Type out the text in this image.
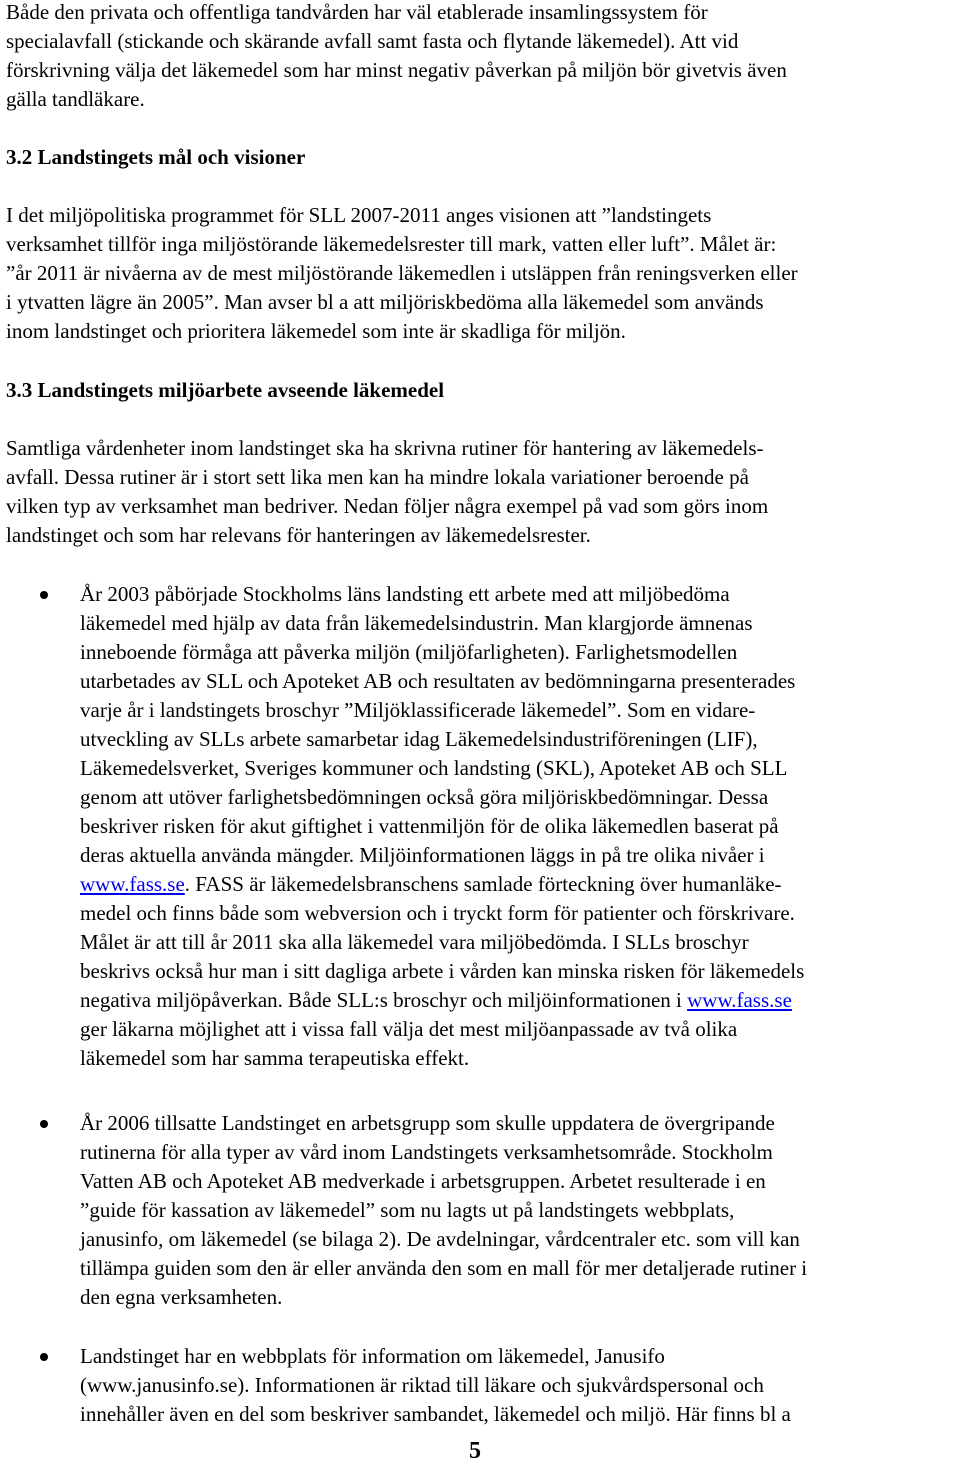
Både den privata och offentliga tandvården har väl etablerade insamlingssystem för
specialavfall (stickande och skärande avfall samt fasta och flytande läkemedel). Att vid
förskrivning välja det läkemedel som har minst negativ påverkan på miljön bör givetvis även
gälla tandläkare.
3.2 Landstingets mål och visioner
I det miljöpolitiska programmet för SLL 2007-2011 anges visionen att ”landstingets
verksamhet tillför inga miljöstörande läkemedelsrester till mark, vatten eller luft”. Målet är:
”år 2011 är nivåerna av de mest miljöstörande läkemedlen i utsläppen från reningsverken eller
i ytvatten lägre än 2005”. Man avser bl a att miljöriskbedöma alla läkemedel som används
inom landstinget och prioritera läkemedel som inte är skadliga för miljön.
3.3 Landstingets miljöarbete avseende läkemedel
Samtliga vårdenheter inom landstinget ska ha skrivna rutiner för hantering av läkemedels-
avfall. Dessa rutiner är i stort sett lika men kan ha mindre lokala variationer beroende på
vilken typ av verksamhet man bedriver. Nedan följer några exempel på vad som görs inom
landstinget och som har relevans för hanteringen av läkemedelsrester.
År 2003 påbörjade Stockholms läns landsting ett arbete med att miljöbedöma
läkemedel med hjälp av data från läkemedelsindustrin. Man klargjorde ämnenas
inneboende förmåga att påverka miljön (miljöfarligheten). Farlighetsmodellen
utarbetades av SLL och Apoteket AB och resultaten av bedömningarna presenterades
varje år i landstingets broschyr ”Miljöklassificerade läkemedel”. Som en vidare-
utveckling av SLLs arbete samarbetar idag Läkemedelsindustriföreningen (LIF),
Läkemedelsverket, Sveriges kommuner och landsting (SKL), Apoteket AB och SLL
genom att utöver farlighetsbedömningen också göra miljöriskbedömningar. Dessa
beskriver risken för akut giftighet i vattenmiljön för de olika läkemedlen baserat på
deras aktuella använda mängder. Miljöinformationen läggs in på tre olika nivåer i
www.fass.se. FASS är läkemedelsbranschens samlade förteckning över humanläke-
medel och finns både som webversion och i tryckt form för patienter och förskrivare.
Målet är att till år 2011 ska alla läkemedel vara miljöbedömda. I SLLs broschyr
beskrivs också hur man i sitt dagliga arbete i vården kan minska risken för läkemedels
negativa miljöpåverkan. Både SLL:s broschyr och miljöinformationen i www.fass.se
ger läkarna möjlighet att i vissa fall välja det mest miljöanpassade av två olika
läkemedel som har samma terapeutiska effekt.
År 2006 tillsatte Landstinget en arbetsgrupp som skulle uppdatera de övergripande
rutinerna för alla typer av vård inom Landstingets verksamhetsområde. Stockholm
Vatten AB och Apoteket AB medverkade i arbetsgruppen. Arbetet resulterade i en
”guide för kassation av läkemedel” som nu lagts ut på landstingets webbplats,
janusinfo, om läkemedel (se bilaga 2). De avdelningar, vårdcentraler etc. som vill kan
tillämpa guiden som den är eller använda den som en mall för mer detaljerade rutiner i
den egna verksamheten.
Landstinget har en webbplats för information om läkemedel, Janusifo
(www.janusinfo.se). Informationen är riktad till läkare och sjukvårdspersonal och
innehåller även en del som beskriver sambandet, läkemedel och miljö. Här finns bl a
5
